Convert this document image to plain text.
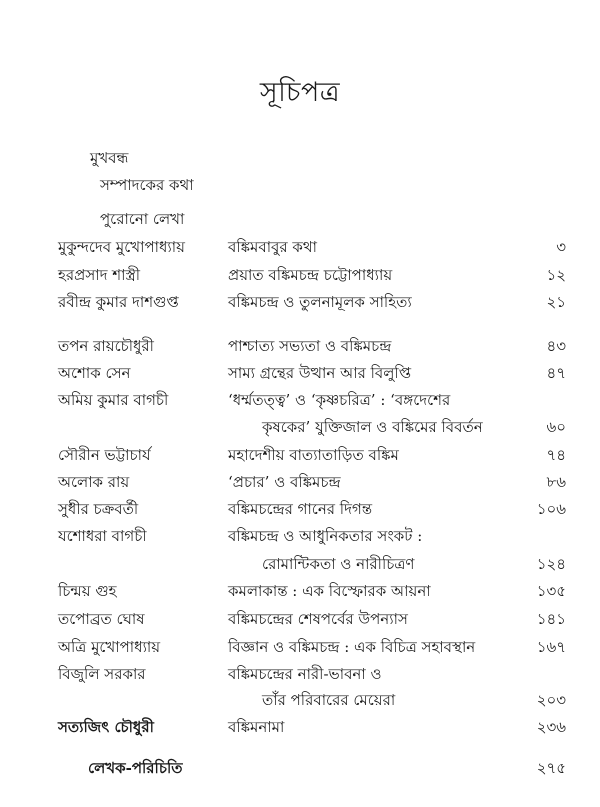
সূচিপত্র
মুখবন্ধ
সম্পাদকের কথা
পুরোনো লেখা
মুকুন্দদেব মুখোপাধ্যায়	বঙ্কিমবাবুর কথা	৩
হরপ্রসাদ শাস্ত্রী	প্রয়াত বঙ্কিমচন্দ্র চট্টোপাধ্যায়	১২
রবীন্দ্র কুমার দাশগুপ্ত	বঙ্কিমচন্দ্র ও তুলনামূলক সাহিত্য	২১
তপন রায়চৌধুরী	পাশ্চাত্য সভ্যতা ও বঙ্কিমচন্দ্র	৪৩
অশোক সেন	সাম্য গ্রন্থের উত্থান আর বিলুপ্তি	৪৭
অমিয় কুমার বাগচী	‘ধর্ম্মতত্ত্ব’ ও ‘কৃষ্ণচরিত্র’ : ‘বঙ্গদেশের
কৃষকের’ যুক্তিজাল ও বঙ্কিমের বিবর্তন	৬০
সৌরীন ভট্টাচার্য	মহাদেশীয় বাত্যাতাড়িত বঙ্কিম	৭৪
অলোক রায়	‘প্রচার’ ও বঙ্কিমচন্দ্র	৮৬
সুধীর চক্রবর্তী	বঙ্কিমচন্দ্রের গানের দিগন্ত	১০৬
যশোধরা বাগচী	বঙ্কিমচন্দ্র ও আধুনিকতার সংকট :
রোমান্টিকতা ও নারীচিত্রণ	১২৪
চিন্ময় গুহ	কমলাকান্ত : এক বিস্ফোরক আয়না	১৩৫
তপোব্রত ঘোষ	বঙ্কিমচন্দ্রের শেষপর্বের উপন্যাস	১৪১
অত্রি মুখোপাধ্যায়	বিজ্ঞান ও বঙ্কিমচন্দ্র : এক বিচিত্র সহাবস্থান	১৬৭
বিজুলি সরকার	বঙ্কিমচন্দ্রের নারী-ভাবনা ও
তাঁর পরিবারের মেয়েরা	২০৩
সত্যজিৎ চৌধুরী	বঙ্কিমনামা	২৩৬
লেখক-পরিচিতি	২৭৫
